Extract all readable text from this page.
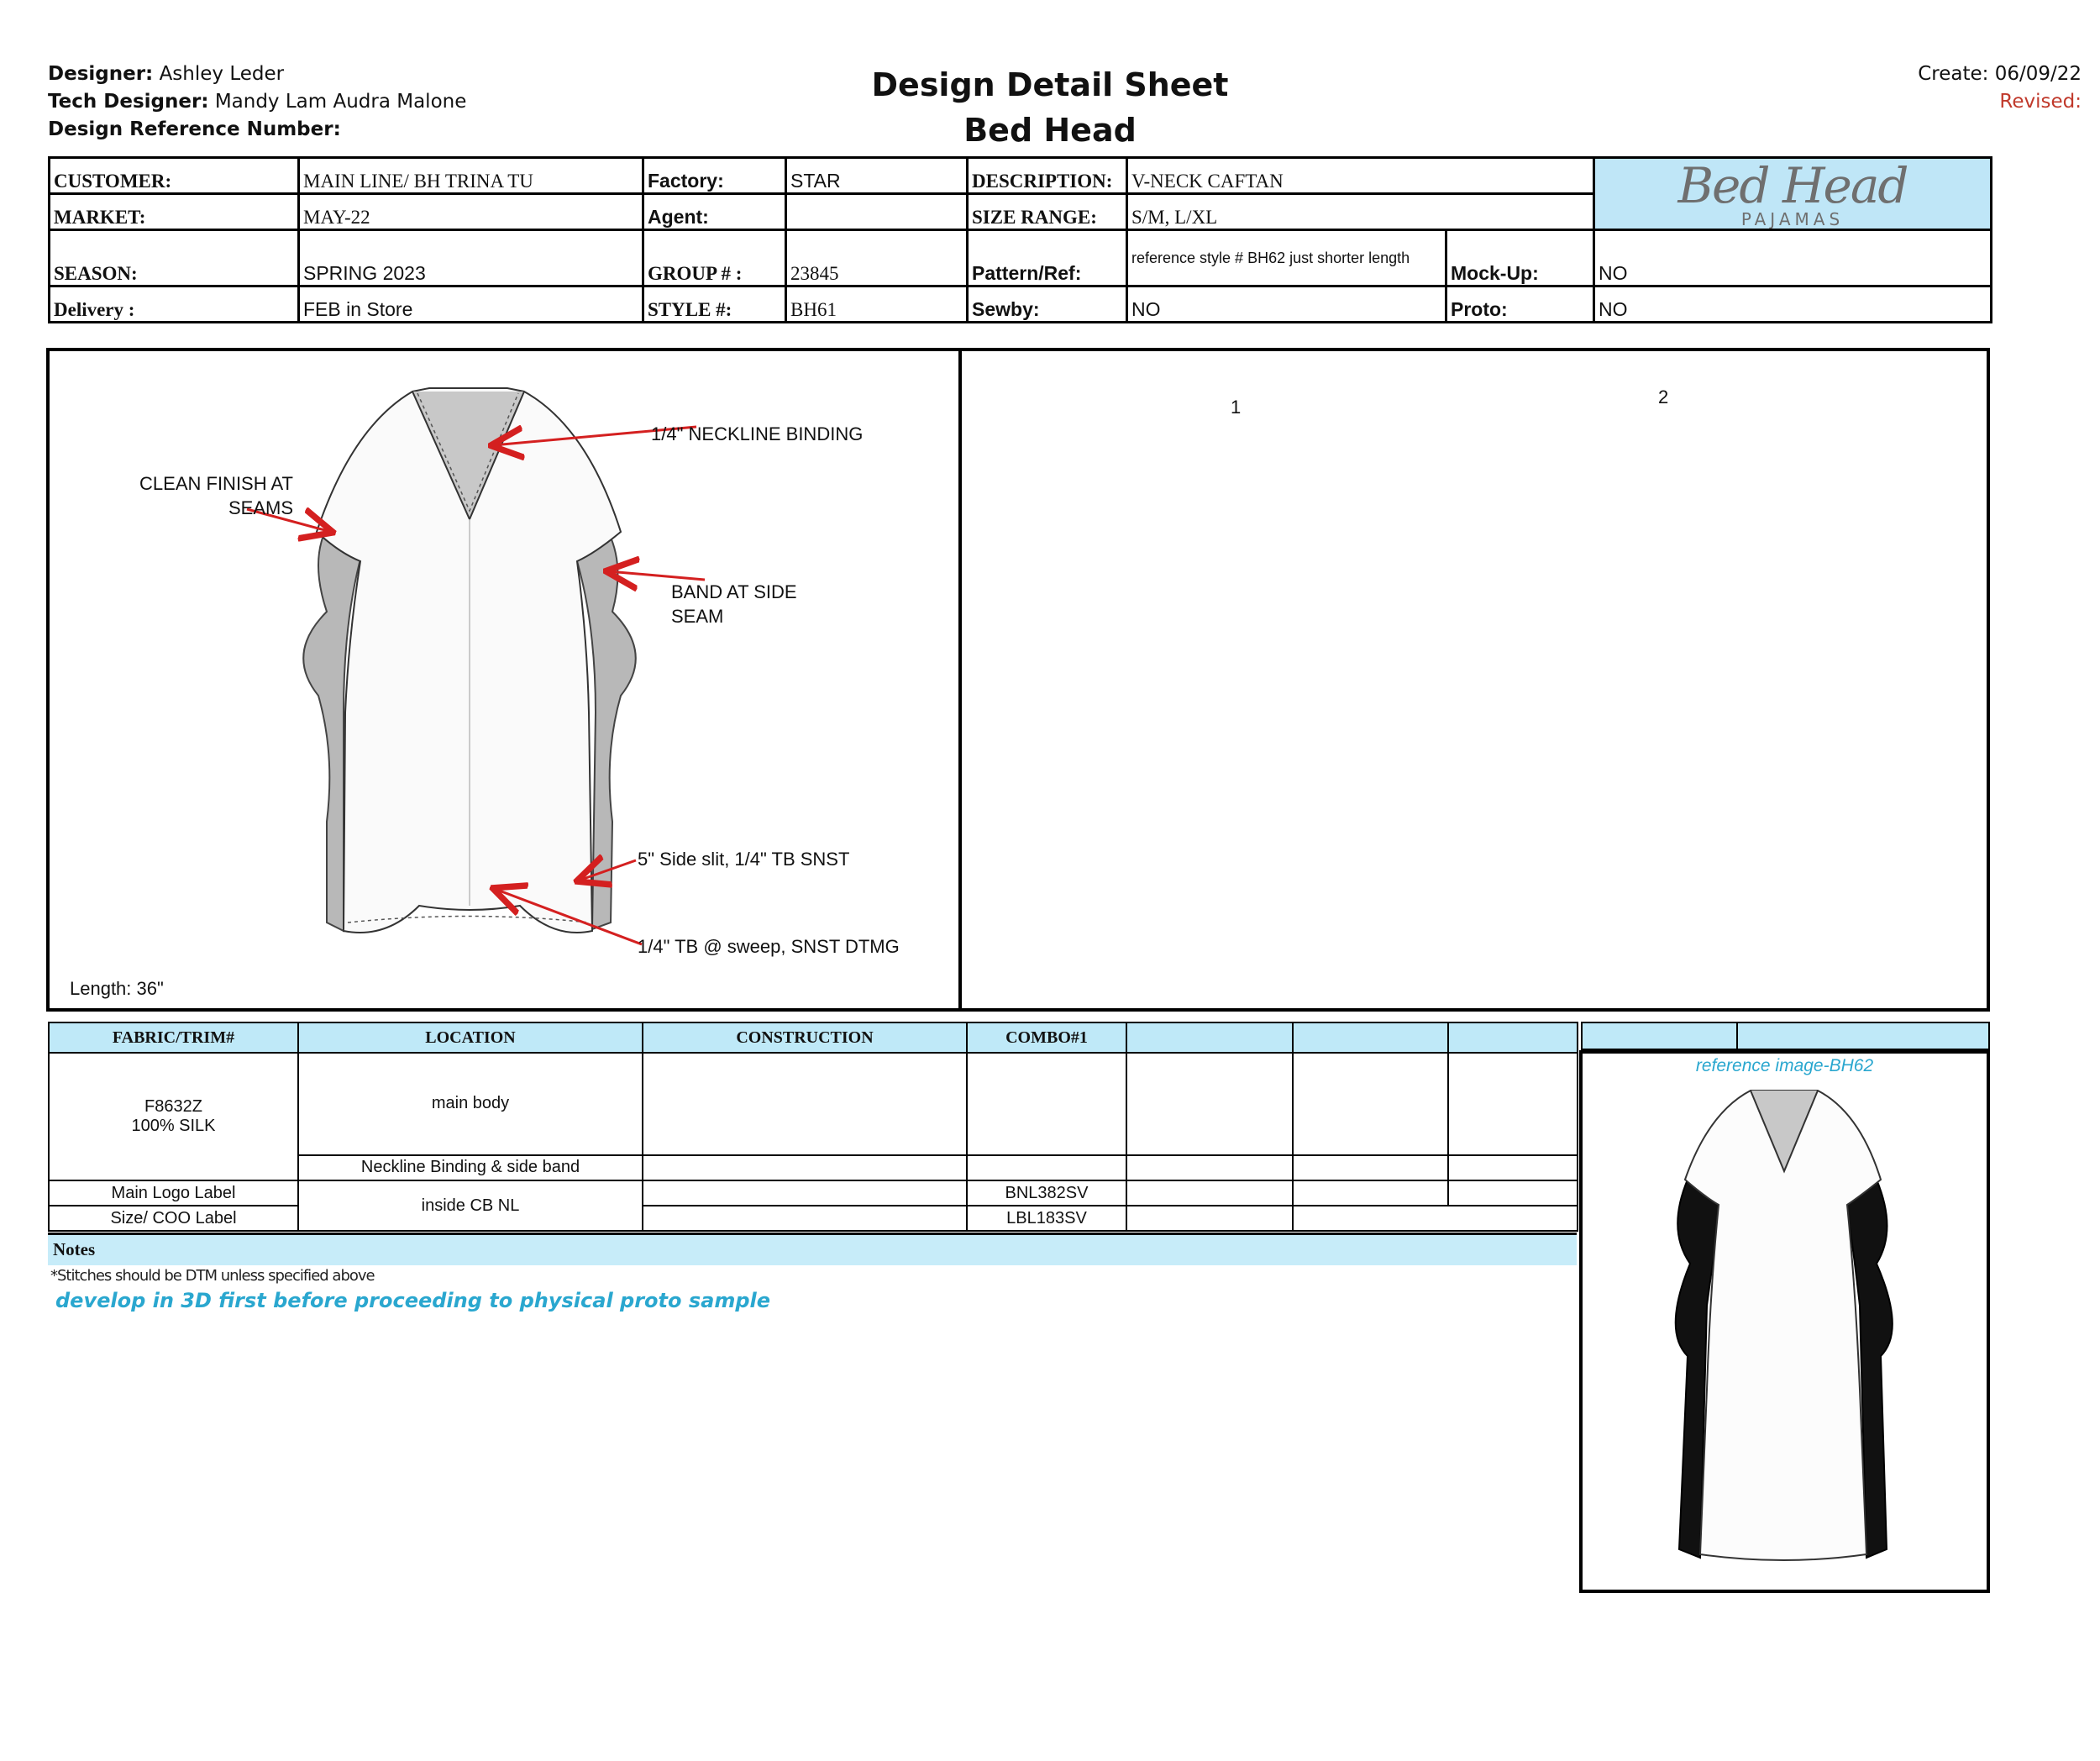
Designer: Ashley Leder
Tech Designer: Mandy Lam Audra Malone
Design Reference Number:
Design Detail Sheet
Bed Head
Create: 06/09/22
Revised:
CUSTOMER:	MAIN LINE/ BH TRINA TU	Factory:	STAR	DESCRIPTION:	V-NECK CAFTAN		Bed Head
PAJAMAS

MARKET:	MAY-22	Agent:		SIZE RANGE:	S/M, L/XL		
SEASON:	SPRING 2023	GROUP # :	23845	Pattern/Ref:	reference style # BH62 just shorter length	Mock-Up:	NO
Delivery :	FEB in Store	STYLE #:	BH61	Sewby:	NO	Proto:	NO
CLEAN FINISH AT SEAMS
1/4" NECKLINE BINDING
BAND AT SIDE SEAM
5" Side slit, 1/4" TB SNST
1/4" TB @ sweep, SNST DTMG
Length: 36"
1	2
FABRIC/TRIM#	LOCATION	CONSTRUCTION	COMBO#1			

F8632Z
100% SILK	main body					
	Neckline Binding & side band					
Main Logo Label	inside CB NL		BNL382SV			
Size/ COO Label			LBL183SV			
Notes
*Stitches should be DTM unless specified above
develop in 3D first before proceeding to physical proto sample
reference image-BH62
